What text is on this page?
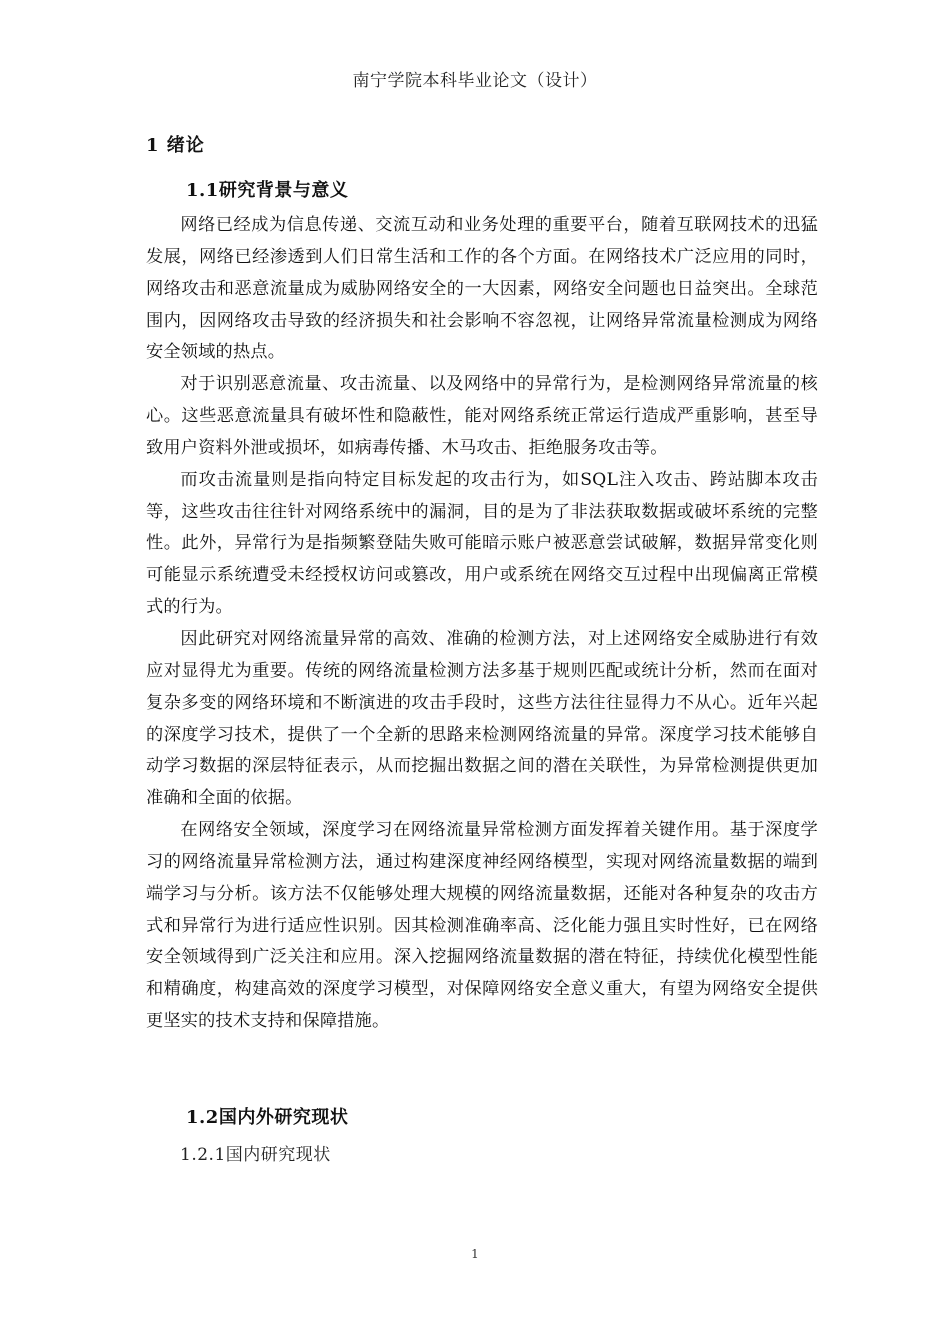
南宁学院本科毕业论文（设计）
1 绪论
1.1研究背景与意义

网络已经成为信息传递、交流互动和业务处理的重要平台，随着互联网技术的迅猛发展，网络已经渗透到人们日常生活和工作的各个方面。在网络技术广泛应用的同时，网络攻击和恶意流量成为威胁网络安全的一大因素，网络安全问题也日益突出。全球范围内，因网络攻击导致的经济损失和社会影响不容忽视，让网络异常流量检测成为网络安全领域的热点。

对于识别恶意流量、攻击流量、以及网络中的异常行为，是检测网络异常流量的核心。这些恶意流量具有破坏性和隐蔽性，能对网络系统正常运行造成严重影响，甚至导致用户资料外泄或损坏，如病毒传播、木马攻击、拒绝服务攻击等。

而攻击流量则是指向特定目标发起的攻击行为，如SQL注入攻击、跨站脚本攻击等，这些攻击往往针对网络系统中的漏洞，目的是为了非法获取数据或破坏系统的完整性。此外，异常行为是指频繁登陆失败可能暗示账户被恶意尝试破解，数据异常变化则可能显示系统遭受未经授权访问或篡改，用户或系统在网络交互过程中出现偏离正常模式的行为。

因此研究对网络流量异常的高效、准确的检测方法，对上述网络安全威胁进行有效应对显得尤为重要。传统的网络流量检测方法多基于规则匹配或统计分析，然而在面对复杂多变的网络环境和不断演进的攻击手段时，这些方法往往显得力不从心。近年兴起的深度学习技术，提供了一个全新的思路来检测网络流量的异常。深度学习技术能够自动学习数据的深层特征表示，从而挖掘出数据之间的潜在关联性，为异常检测提供更加准确和全面的依据。

在网络安全领域，深度学习在网络流量异常检测方面发挥着关键作用。基于深度学习的网络流量异常检测方法，通过构建深度神经网络模型，实现对网络流量数据的端到端学习与分析。该方法不仅能够处理大规模的网络流量数据，还能对各种复杂的攻击方式和异常行为进行适应性识别。因其检测准确率高、泛化能力强且实时性好，已在网络安全领域得到广泛关注和应用。深入挖掘网络流量数据的潜在特征，持续优化模型性能和精确度，构建高效的深度学习模型，对保障网络安全意义重大，有望为网络安全提供更坚实的技术支持和保障措施。

1.2国内外研究现状
1.2.1国内研究现状
1
